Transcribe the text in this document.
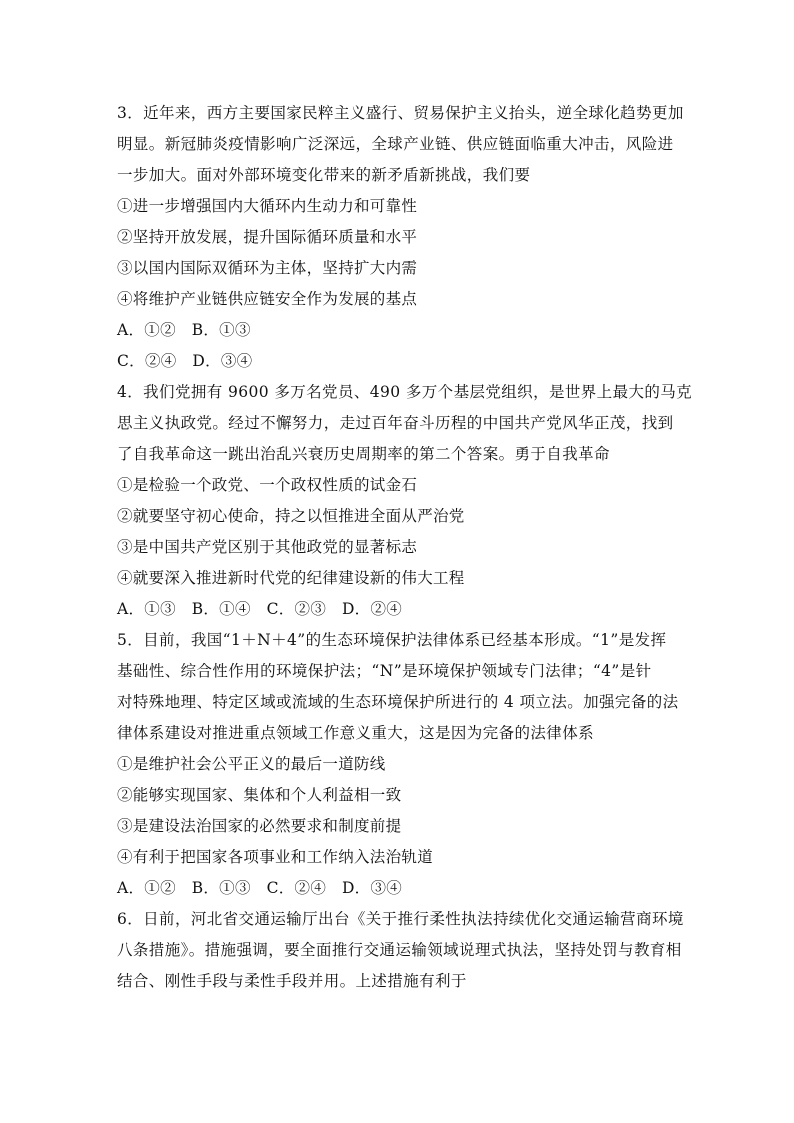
3．近年来，西方主要国家民粹主义盛行、贸易保护主义抬头，逆全球化趋势更加
明显。新冠肺炎疫情影响广泛深远，全球产业链、供应链面临重大冲击，风险进
一步加大。面对外部环境变化带来的新矛盾新挑战，我们要
①进一步增强国内大循环内生动力和可靠性
②坚持开放发展，提升国际循环质量和水平
③以国内国际双循环为主体，坚持扩大内需
④将维护产业链供应链安全作为发展的基点
A．①②　B．①③
C．②④　D．③④
4．我们党拥有 9600 多万名党员、490 多万个基层党组织，是世界上最大的马克
思主义执政党。经过不懈努力，走过百年奋斗历程的中国共产党风华正茂，找到
了自我革命这一跳出治乱兴衰历史周期率的第二个答案。勇于自我革命
①是检验一个政党、一个政权性质的试金石
②就要坚守初心使命，持之以恒推进全面从严治党
③是中国共产党区别于其他政党的显著标志
④就要深入推进新时代党的纪律建设新的伟大工程
A．①③　B．①④　C．②③　D．②④
5．目前，我国“1＋N＋4”的生态环境保护法律体系已经基本形成。“1”是发挥
基础性、综合性作用的环境保护法；“N”是环境保护领域专门法律；“4”是针
对特殊地理、特定区域或流域的生态环境保护所进行的 4 项立法。加强完备的法
律体系建设对推进重点领域工作意义重大，这是因为完备的法律体系
①是维护社会公平正义的最后一道防线
②能够实现国家、集体和个人利益相一致
③是建设法治国家的必然要求和制度前提
④有利于把国家各项事业和工作纳入法治轨道
A．①②　B．①③　C．②④　D．③④
6．日前，河北省交通运输厅出台《关于推行柔性执法持续优化交通运输营商环境
八条措施》。措施强调，要全面推行交通运输领域说理式执法，坚持处罚与教育相
结合、刚性手段与柔性手段并用。上述措施有利于
